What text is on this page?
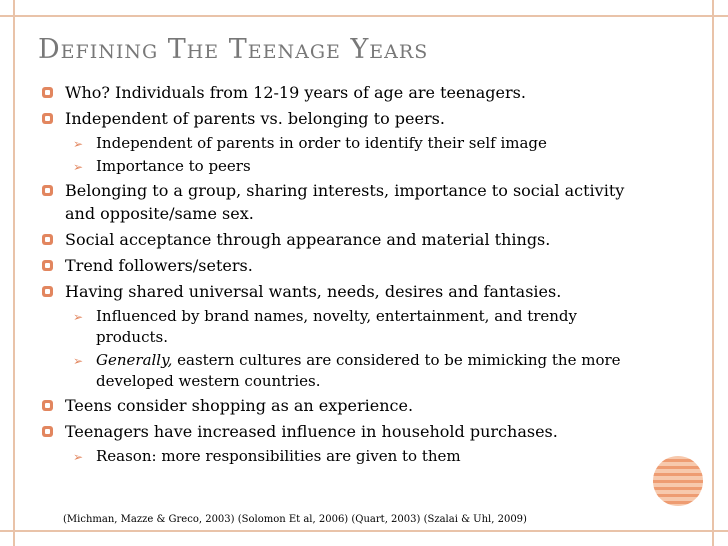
Defining The Teenage Years
Who? Individuals from 12-19 years of age are teenagers.
Independent of parents vs. belonging to peers.
➢ Independent of parents in order to identify their self image
➢ Importance to peers
Belonging to a group, sharing interests, importance to social activity and opposite/same sex.
Social acceptance through appearance and material things.
Trend followers/seters.
Having shared universal wants, needs, desires and fantasies.
➢ Influenced by brand names, novelty, entertainment, and trendy products.
➢ Generally, eastern cultures are considered to be mimicking the more developed western countries.
Teens consider shopping as an experience.
Teenagers have increased influence in household purchases.
➢ Reason: more responsibilities are given to them
(Michman, Mazze & Greco, 2003) (Solomon Et al, 2006) (Quart, 2003) (Szalai & Uhl, 2009)
